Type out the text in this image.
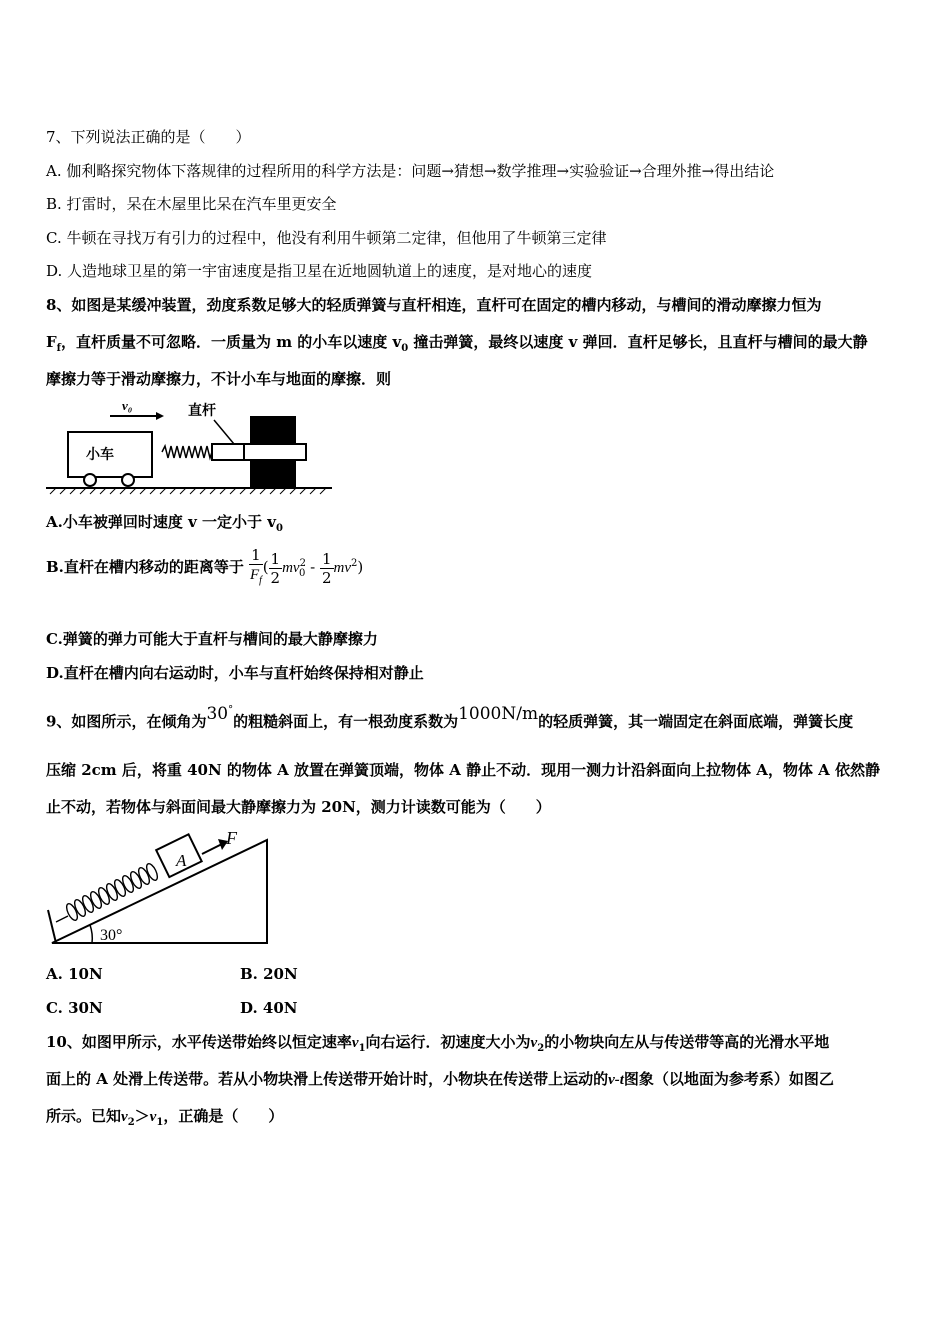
7、下列说法正确的是（　　）
A. 伽利略探究物体下落规律的过程所用的科学方法是：问题→猜想→数学推理→实验验证→合理外推→得出结论
B. 打雷时，呆在木屋里比呆在汽车里更安全
C. 牛顿在寻找万有引力的过程中，他没有利用牛顿第二定律，但他用了牛顿第三定律
D. 人造地球卫星的第一宇宙速度是指卫星在近地圆轨道上的速度，是对地心的速度
8、如图是某缓冲装置，劲度系数足够大的轻质弹簧与直杆相连，直杆可在固定的槽内移动，与槽间的滑动摩擦力恒为
$F_f$，直杆质量不可忽略．一质量为 m 的小车以速度 $v_0$ 撞击弹簧，最终以速度 v 弹回．直杆足够长，且直杆与槽间的最大静
摩擦力等于滑动摩擦力，不计小车与地面的摩擦．则
小车
v₀	直杆
A.小车被弹回时速度 v 一定小于 $v_0$
B.直杆在槽内移动的距离等于 $\frac{1}{F_f}$ ( $\frac{1}{2} mv^2_0 - \frac{1}{2} mv^2$)
C.弹簧的弹力可能大于直杆与槽间的最大静摩擦力
D.直杆在槽内向右运动时，小车与直杆始终保持相对静止
9、如图所示，在倾角为30°的粗糙斜面上，有一根劲度系数为1000N/m的轻质弹簧，其一端固定在斜面底端，弹簧长度
压缩 2cm 后，将重 40N 的物体 A 放置在弹簧顶端，物体 A 静止不动．现用一测力计沿斜面向上拉物体 A，物体 A 依然静
止不动，若物体与斜面间最大静摩擦力为 20N，测力计读数可能为（　　）
30°
A
F
A. 10N	B. 20N
C. 30N	D. 40N
10、如图甲所示，水平传送带始终以恒定速率$v_1$向右运行．初速度大小为$v_2$的小物块向左从与传送带等高的光滑水平地
面上的 A 处滑上传送带。若从小物块滑上传送带开始计时，小物块在传送带上运动的v-t图象（以地面为参考系）如图乙
所示。已知$v_2>v_1$，正确是（　　）
